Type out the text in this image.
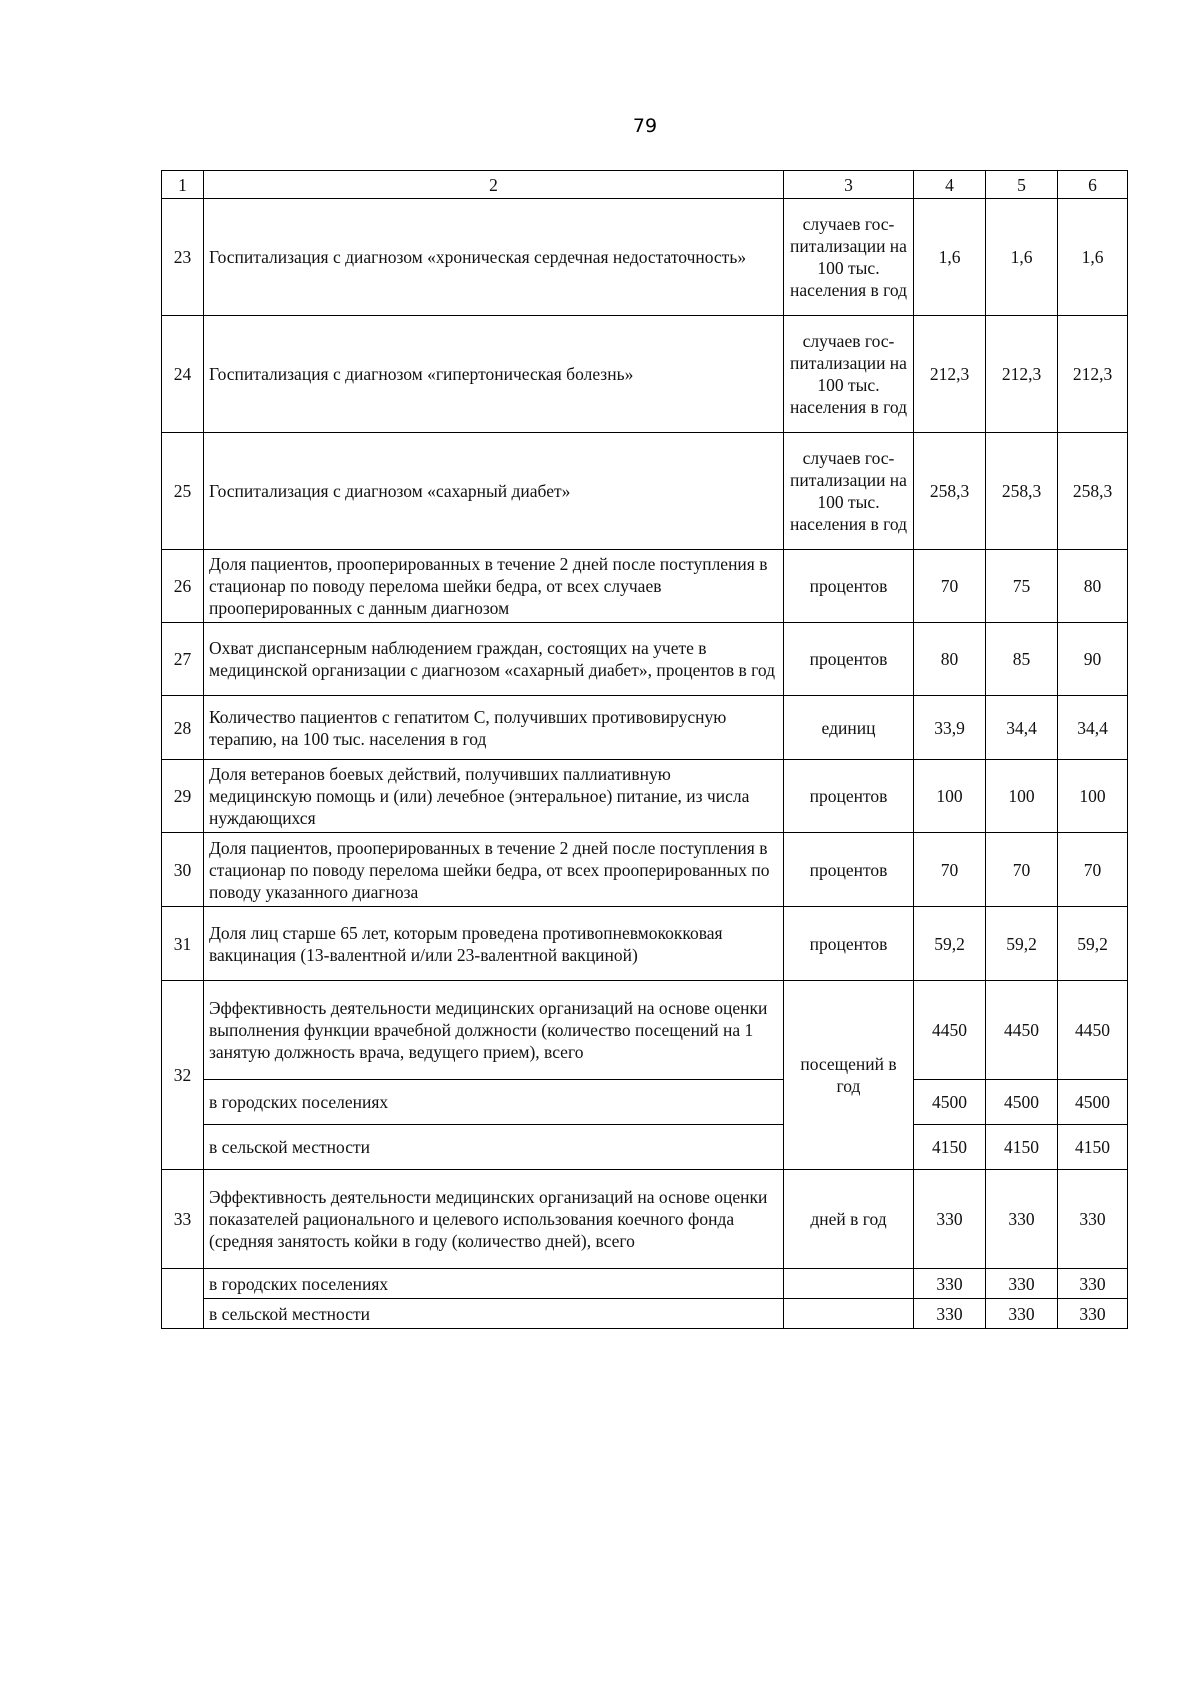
79
1	2	3	4	5	6
23	Госпитализация с диагнозом «хроническая сердечная недостаточность»	случаев гос-питализации на 100 тыс. населения в год	1,6	1,6	1,6
24	Госпитализация с диагнозом «гипертоническая болезнь»	случаев гос-питализации на 100 тыс. населения в год	212,3	212,3	212,3
25	Госпитализация с диагнозом «сахарный диабет»	случаев гос-питализации на 100 тыс. населения в год	258,3	258,3	258,3
26	Доля пациентов, прооперированных в течение 2 дней после поступления в стационар по поводу перелома шейки бедра, от всех случаев прооперированных с данным диагнозом	процентов	70	75	80
27	Охват диспансерным наблюдением граждан, состоящих на учете в медицинской организации с диагнозом «сахарный диабет», процентов в год	процентов	80	85	90
28	Количество пациентов с гепатитом С, получивших противовирусную терапию, на 100 тыс. населения в год	единиц	33,9	34,4	34,4
29	Доля ветеранов боевых действий, получивших паллиативную медицинскую помощь и (или) лечебное (энтеральное) питание, из числа нуждающихся	процентов	100	100	100
30	Доля пациентов, прооперированных в течение 2 дней после поступления в стационар по поводу перелома шейки бедра, от всех прооперированных по поводу указанного диагноза	процентов	70	70	70
31	Доля лиц старше 65 лет, которым проведена противопневмококковая вакцинация (13-валентной и/или 23-валентной вакциной)	процентов	59,2	59,2	59,2
32	Эффективность деятельности медицинских организаций на основе оценки выполнения функции врачебной должности (количество посещений на 1 занятую должность врача, ведущего прием), всего	посещений в год	4450	4450	4450
	в городских поселениях		4500	4500	4500
	в сельской местности		4150	4150	4150
33	Эффективность деятельности медицинских организаций на основе оценки показателей рационального и целевого использования коечного фонда (средняя занятость койки в году (количество дней), всего	дней в год	330	330	330
	в городских поселениях		330	330	330
	в сельской местности		330	330	330
